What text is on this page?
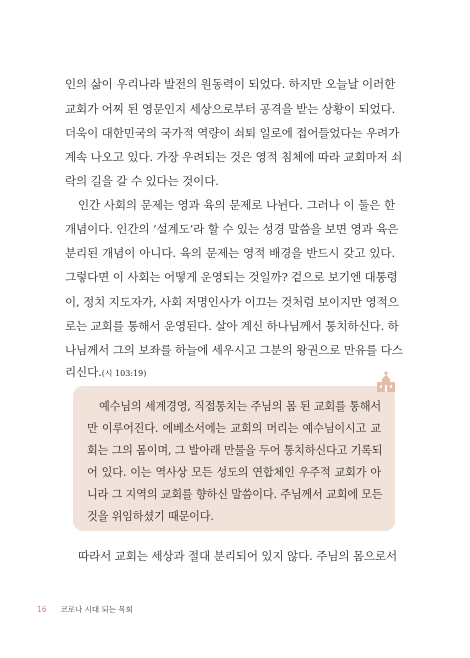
인의 삶이 우리나라 발전의 원동력이 되었다. 하지만 오늘날 이러한
교회가 어찌 된 영문인지 세상으로부터 공격을 받는 상황이 되었다.
더욱이 대한민국의 국가적 역량이 쇠퇴 일로에 접어들었다는 우려가
계속 나오고 있다. 가장 우려되는 것은 영적 침체에 따라 교회마저 쇠
락의 길을 갈 수 있다는 것이다.
인간 사회의 문제는 영과 육의 문제로 나뉜다. 그러나 이 둘은 한
개념이다. 인간의 ‘설계도’라 할 수 있는 성경 말씀을 보면 영과 육은
분리된 개념이 아니다. 육의 문제는 영적 배경을 반드시 갖고 있다.
그렇다면 이 사회는 어떻게 운영되는 것일까? 겉으로 보기엔 대통령
이, 정치 지도자가, 사회 저명인사가 이끄는 것처럼 보이지만 영적으
로는 교회를 통해서 운영된다. 살아 계신 하나님께서 통치하신다. 하
나님께서 그의 보좌를 하늘에 세우시고 그분의 왕권으로 만유를 다스
리신다.(시 103:19)
예수님의 세계경영, 직접통치는 주님의 몸 된 교회를 통해서
만 이루어진다. 에베소서에는 교회의 머리는 예수님이시고 교
회는 그의 몸이며, 그 발아래 만물을 두어 통치하신다고 기록되
어 있다. 이는 역사상 모든 성도의 연합체인 우주적 교회가 아
니라 그 지역의 교회를 향하신 말씀이다. 주님께서 교회에 모든
것을 위임하셨기 때문이다.
따라서 교회는 세상과 절대 분리되어 있지 않다. 주님의 몸으로서
16 코로나 시대 되는 목회
